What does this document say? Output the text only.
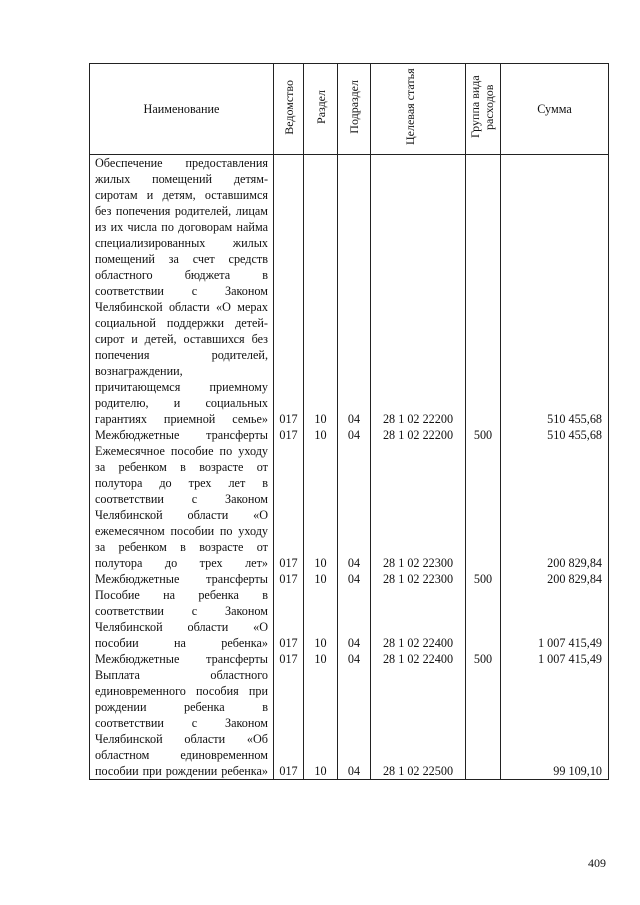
Наименование	Ведомство	Раздел	Подраздел	Целевая статья	Группа вида расходов	Сумма
Обеспечение предоставления жилых помещений детям-сиротам и детям, оставшимся без попечения родителей, лицам из их числа по договорам найма специализированных жилых помещений за счет средств областного бюджета в соответствии с Законом Челябинской области «О мерах социальной поддержки детей-сирот и детей, оставшихся без попечения родителей, вознаграждении, причитающемся приемному родителю, и социальных гарантиях приемной семье»	017	10	04	28 1 02 22200		510 455,68
Межбюджетные трансферты	017	10	04	28 1 02 22200	500	510 455,68
Ежемесячное пособие по уходу за ребенком в возрасте от полутора до трех лет в соответствии с Законом Челябинской области «О ежемесячном пособии по уходу за ребенком в возрасте от полутора до трех лет»	017	10	04	28 1 02 22300		200 829,84
Межбюджетные трансферты	017	10	04	28 1 02 22300	500	200 829,84
Пособие на ребенка в соответствии с Законом Челябинской области «О пособии на ребенка»	017	10	04	28 1 02 22400		1 007 415,49
Межбюджетные трансферты	017	10	04	28 1 02 22400	500	1 007 415,49
Выплата областного единовременного пособия при рождении ребенка в соответствии с Законом Челябинской области «Об областном единовременном пособии при рождении ребенка»	017	10	04	28 1 02 22500		99 109,10
409
